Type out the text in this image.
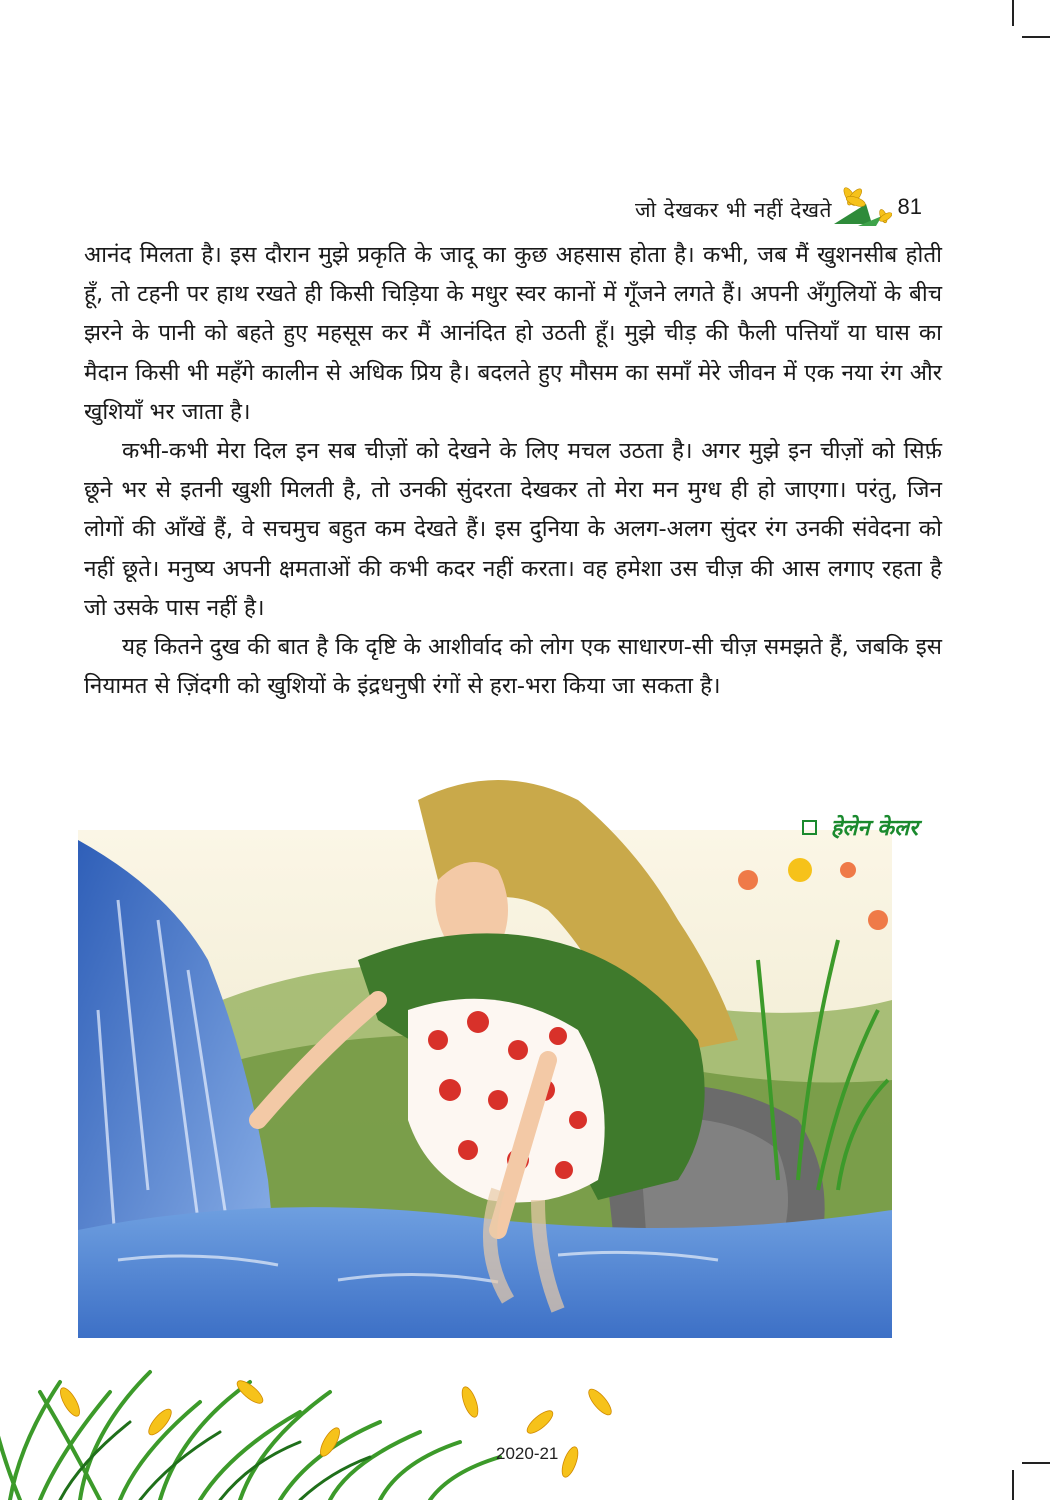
जो देखकर भी नहीं देखते	81

आनंद मिलता है। इस दौरान मुझे प्रकृति के जादू का कुछ अहसास होता है। कभी, जब मैं खुशनसीब होती हूँ, तो टहनी पर हाथ रखते ही किसी चिड़िया के मधुर स्वर कानों में गूँजने लगते हैं। अपनी अँगुलियों के बीच झरने के पानी को बहते हुए महसूस कर मैं आनंदित हो उठती हूँ। मुझे चीड़ की फैली पत्तियाँ या घास का मैदान किसी भी महँगे कालीन से अधिक प्रिय है। बदलते हुए मौसम का समाँ मेरे जीवन में एक नया रंग और खुशियाँ भर जाता है।

कभी-कभी मेरा दिल इन सब चीज़ों को देखने के लिए मचल उठता है। अगर मुझे इन चीज़ों को सिर्फ़ छूने भर से इतनी खुशी मिलती है, तो उनकी सुंदरता देखकर तो मेरा मन मुग्ध ही हो जाएगा। परंतु, जिन लोगों की आँखें हैं, वे सचमुच बहुत कम देखते हैं। इस दुनिया के अलग-अलग सुंदर रंग उनकी संवेदना को नहीं छूते। मनुष्य अपनी क्षमताओं की कभी कदर नहीं करता। वह हमेशा उस चीज़ की आस लगाए रहता है जो उसके पास नहीं है।

यह कितने दुख की बात है कि दृष्टि के आशीर्वाद को लोग एक साधारण-सी चीज़ समझते हैं, जबकि इस नियामत से ज़िंदगी को खुशियों के इंद्रधनुषी रंगों से हरा-भरा किया जा सकता है।

हेलेन केलर
2020-21
